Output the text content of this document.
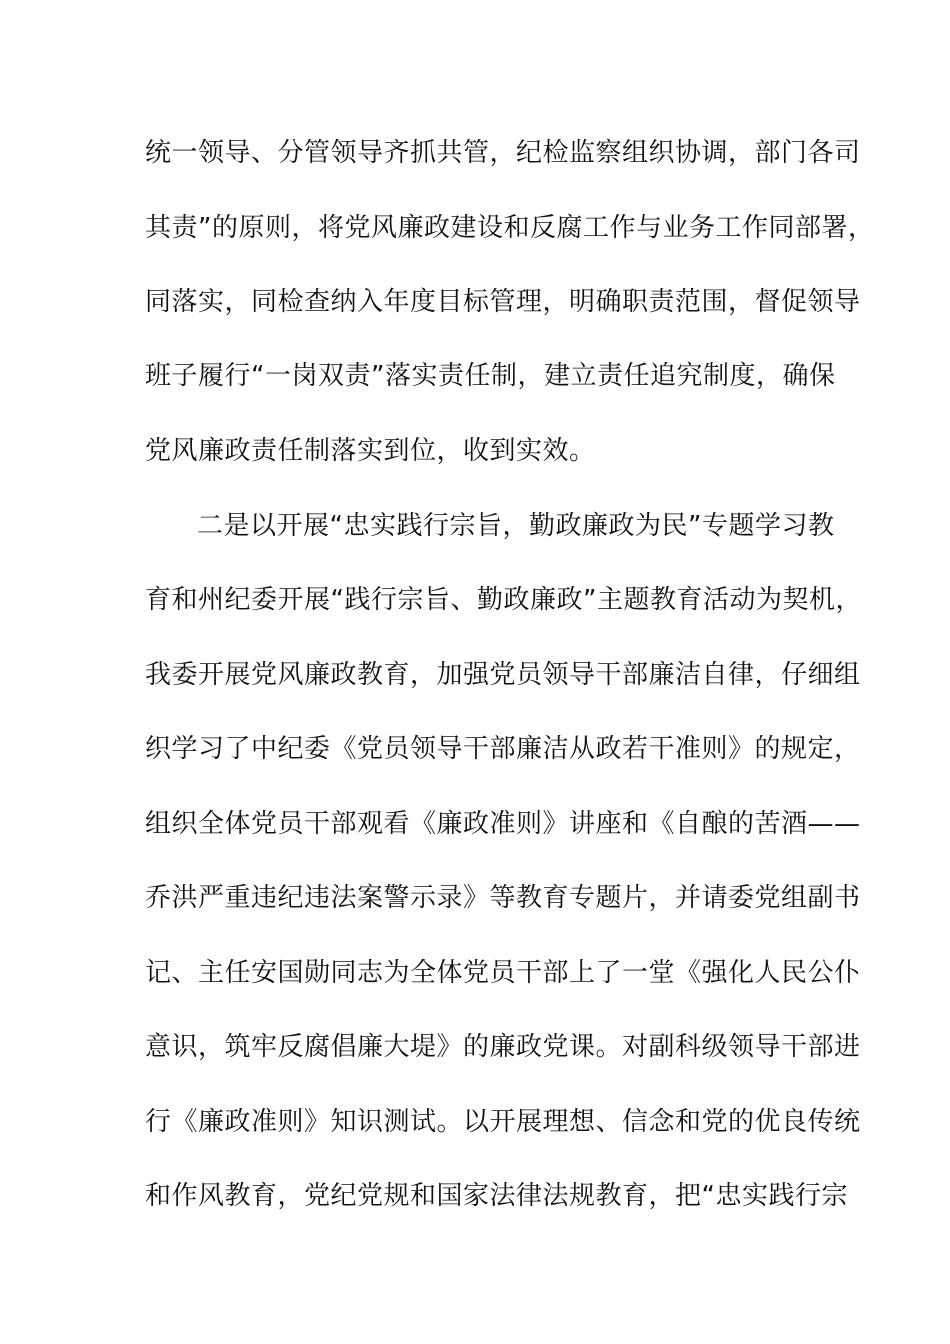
统一领导、分管领导齐抓共管，纪检监察组织协调，部门各司
其责”的原则，将党风廉政建设和反腐工作与业务工作同部署，
同落实，同检查纳入年度目标管理，明确职责范围，督促领导
班子履行“一岗双责”落实责任制，建立责任追究制度，确保
党风廉政责任制落实到位，收到实效。
二是以开展“忠实践行宗旨，勤政廉政为民”专题学习教
育和州纪委开展“践行宗旨、勤政廉政”主题教育活动为契机，
我委开展党风廉政教育，加强党员领导干部廉洁自律，仔细组
织学习了中纪委《党员领导干部廉洁从政若干准则》的规定，
组织全体党员干部观看《廉政准则》讲座和《自酿的苦酒——
乔洪严重违纪违法案警示录》等教育专题片，并请委党组副书
记、主任安国勋同志为全体党员干部上了一堂《强化人民公仆
意识，筑牢反腐倡廉大堤》的廉政党课。对副科级领导干部进
行《廉政准则》知识测试。以开展理想、信念和党的优良传统
和作风教育，党纪党规和国家法律法规教育，把“忠实践行宗
